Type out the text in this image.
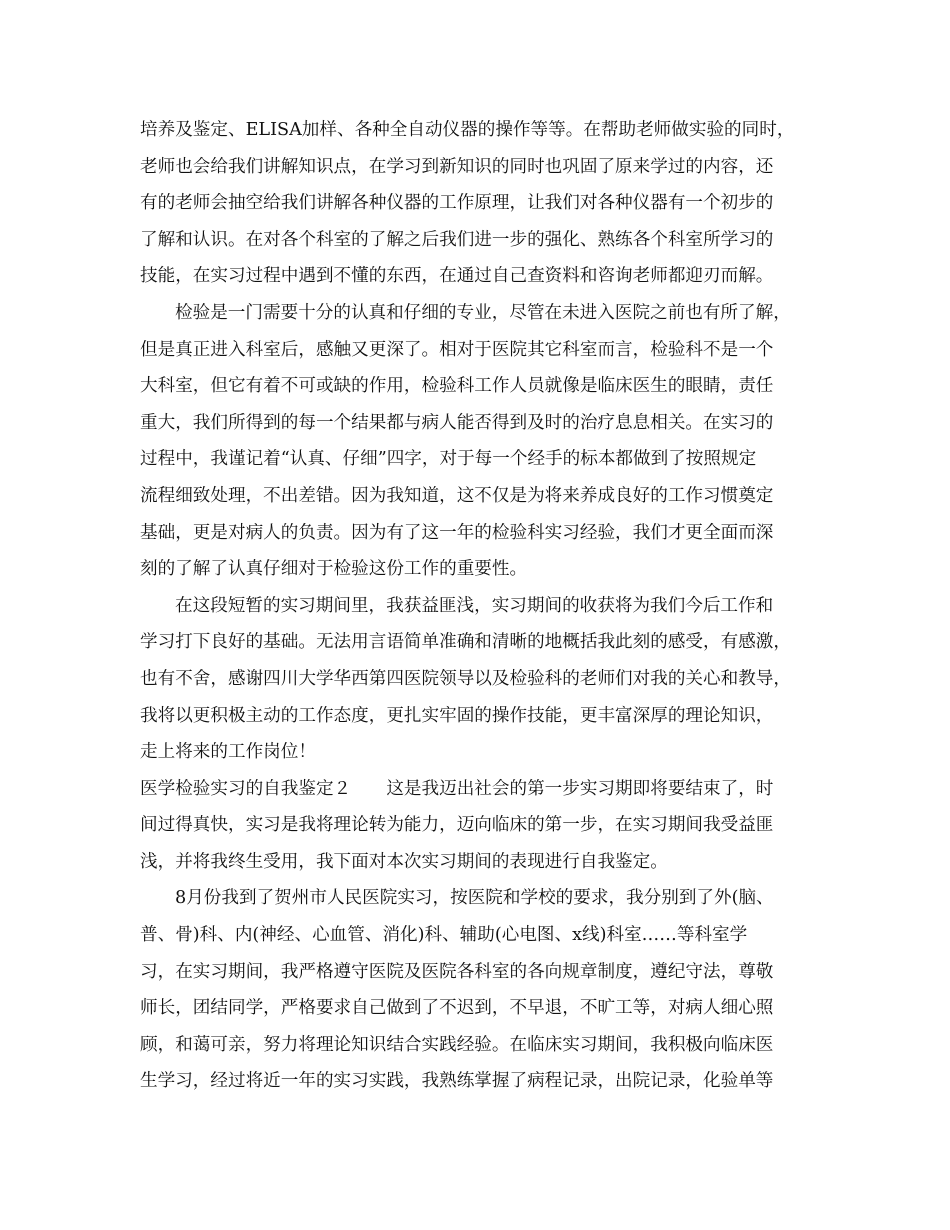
培养及鉴定、ELISA加样、各种全自动仪器的操作等等。在帮助老师做实验的同时，
老师也会给我们讲解知识点，在学习到新知识的同时也巩固了原来学过的内容，还
有的老师会抽空给我们讲解各种仪器的工作原理，让我们对各种仪器有一个初步的
了解和认识。在对各个科室的了解之后我们进一步的强化、熟练各个科室所学习的
技能，在实习过程中遇到不懂的东西，在通过自己查资料和咨询老师都迎刃而解。
检验是一门需要十分的认真和仔细的专业，尽管在未进入医院之前也有所了解，
但是真正进入科室后，感触又更深了。相对于医院其它科室而言，检验科不是一个
大科室，但它有着不可或缺的作用，检验科工作人员就像是临床医生的眼睛，责任
重大，我们所得到的每一个结果都与病人能否得到及时的治疗息息相关。在实习的
过程中，我谨记着“认真、仔细”四字，对于每一个经手的标本都做到了按照规定
流程细致处理，不出差错。因为我知道，这不仅是为将来养成良好的工作习惯奠定
基础，更是对病人的负责。因为有了这一年的检验科实习经验，我们才更全面而深
刻的了解了认真仔细对于检验这份工作的重要性。
在这段短暂的实习期间里，我获益匪浅，实习期间的收获将为我们今后工作和
学习打下良好的基础。无法用言语简单准确和清晰的地概括我此刻的感受，有感激，
也有不舍，感谢四川大学华西第四医院领导以及检验科的老师们对我的关心和教导，
我将以更积极主动的工作态度，更扎实牢固的操作技能，更丰富深厚的理论知识，
走上将来的工作岗位！
医学检验实习的自我鉴定２　　这是我迈出社会的第一步实习期即将要结束了，时
间过得真快，实习是我将理论转为能力，迈向临床的第一步，在实习期间我受益匪
浅，并将我终生受用，我下面对本次实习期间的表现进行自我鉴定。
8月份我到了贺州市人民医院实习，按医院和学校的要求，我分别到了外(脑、
普、骨)科、内(神经、心血管、消化)科、辅助(心电图、x线)科室……等科室学
习，在实习期间，我严格遵守医院及医院各科室的各向规章制度，遵纪守法，尊敬
师长，团结同学，严格要求自己做到了不迟到，不早退，不旷工等，对病人细心照
顾，和蔼可亲，努力将理论知识结合实践经验。在临床实习期间，我积极向临床医
生学习，经过将近一年的实习实践，我熟练掌握了病程记录，出院记录，化验单等
